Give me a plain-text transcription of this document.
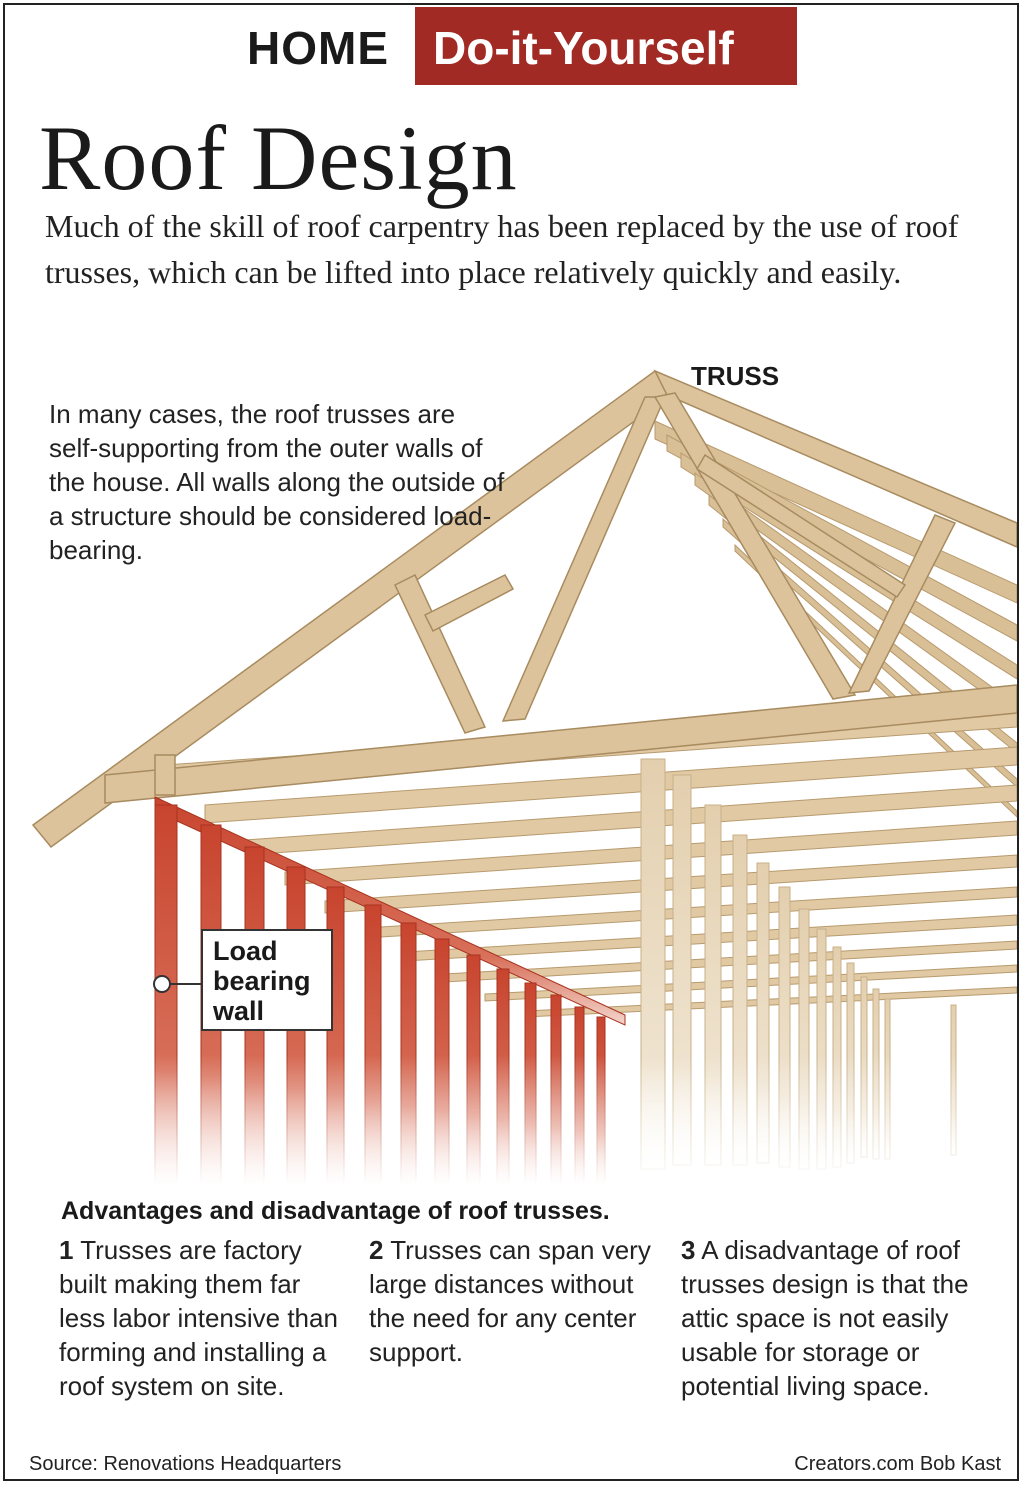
HOME Do-it-Yourself
Roof Design
Much of the skill of roof carpentry has been replaced by the use of roof trusses, which can be lifted into place relatively quickly and easily.
In many cases, the roof trusses are self-supporting from the outer walls of the house. All walls along the outside of a structure should be considered load-bearing.
TRUSS
Load
bearing
wall
Advantages and disadvantage of roof trusses.
1 Trusses are factory built making them far less labor intensive than forming and installing a roof system on site.
2 Trusses can span very large distances without the need for any center support.
3 A disadvantage of roof trusses design is that the attic space is not easily usable for storage or potential living space.
Source: Renovations Headquarters	Creators.com Bob Kast
